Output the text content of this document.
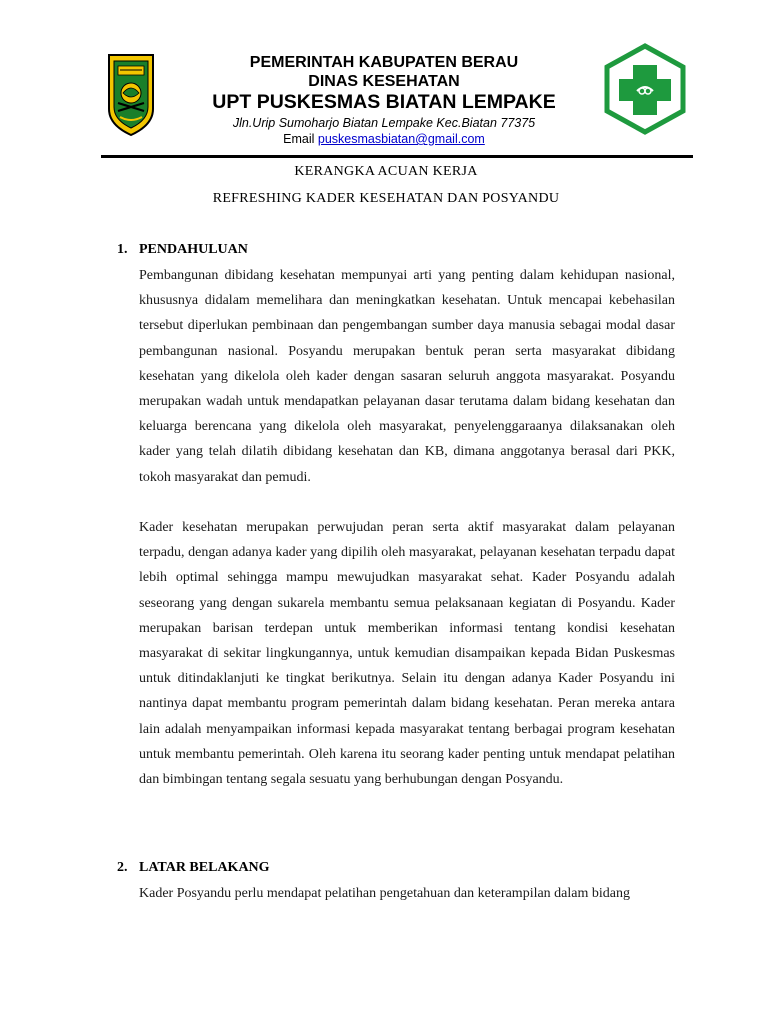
PEMERINTAH KABUPATEN BERAU
DINAS KESEHATAN
UPT PUSKESMAS BIATAN LEMPAKE
Jln.Urip Sumoharjo Biatan Lempake Kec.Biatan 77375
Email puskesmasbiatan@gmail.com
KERANGKA ACUAN KERJA
REFRESHING KADER KESEHATAN DAN POSYANDU
1. PENDAHULUAN

Pembangunan dibidang kesehatan mempunyai arti yang penting dalam kehidupan nasional, khususnya didalam memelihara dan meningkatkan kesehatan. Untuk mencapai kebehasilan tersebut diperlukan pembinaan dan pengembangan sumber daya manusia sebagai modal dasar pembangunan nasional. Posyandu merupakan bentuk peran serta masyarakat dibidang kesehatan yang dikelola oleh kader dengan sasaran seluruh anggota masyarakat. Posyandu merupakan wadah untuk mendapatkan pelayanan dasar terutama dalam bidang kesehatan dan keluarga berencana yang dikelola oleh masyarakat, penyelenggaraanya dilaksanakan oleh kader yang telah dilatih dibidang kesehatan dan KB, dimana anggotanya berasal dari PKK, tokoh masyarakat dan pemudi.

Kader kesehatan merupakan perwujudan peran serta aktif masyarakat dalam pelayanan terpadu, dengan adanya kader yang dipilih oleh masyarakat, pelayanan kesehatan terpadu dapat lebih optimal sehingga mampu mewujudkan masyarakat sehat. Kader Posyandu adalah seseorang yang dengan sukarela membantu semua pelaksanaan kegiatan di Posyandu. Kader merupakan barisan terdepan untuk memberikan informasi tentang kondisi kesehatan masyarakat di sekitar lingkungannya, untuk kemudian disampaikan kepada Bidan Puskesmas untuk ditindaklanjuti ke tingkat berikutnya. Selain itu dengan adanya Kader Posyandu ini nantinya dapat membantu program pemerintah dalam bidang kesehatan. Peran mereka antara lain adalah menyampaikan informasi kepada masyarakat tentang berbagai program kesehatan untuk membantu pemerintah. Oleh karena itu seorang kader penting untuk mendapat pelatihan dan bimbingan tentang segala sesuatu yang berhubungan dengan Posyandu.

2. LATAR BELAKANG

Kader Posyandu perlu mendapat pelatihan pengetahuan dan keterampilan dalam bidang
